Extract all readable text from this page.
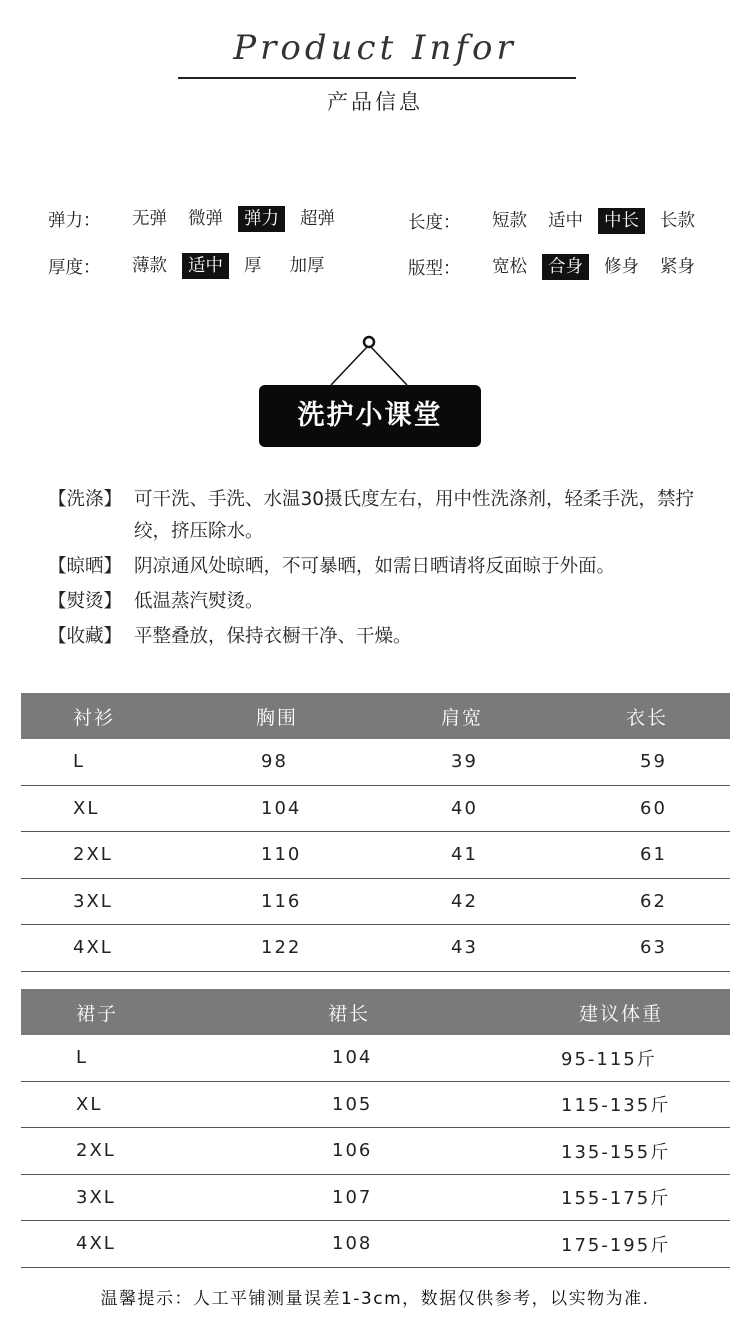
Product Infor
产品信息
弹力：	无弹	微弹	弹力	超弹	长度：	短款	适中	中长	长款
厚度：	薄款	适中	厚	加厚	版型：	宽松	合身	修身	紧身
洗护小课堂
【洗涤】 可干洗、手洗、水温30摄氏度左右，用中性洗涤剂，轻柔手洗，禁拧绞，挤压除水。
【晾晒】 阴凉通风处晾晒，不可暴晒，如需日晒请将反面晾于外面。
【熨烫】 低温蒸汽熨烫。
【收藏】 平整叠放，保持衣橱干净、干燥。
衬衫	胸围	肩宽	衣长
L	98	39	59
XL	104	40	60
2XL	110	41	61
3XL	116	42	62
4XL	122	43	63
裙子	裙长	建议体重
L	104	95-115斤
XL	105	115-135斤
2XL	106	135-155斤
3XL	107	155-175斤
4XL	108	175-195斤
温馨提示：人工平铺测量误差1-3cm，数据仅供参考，以实物为准.
